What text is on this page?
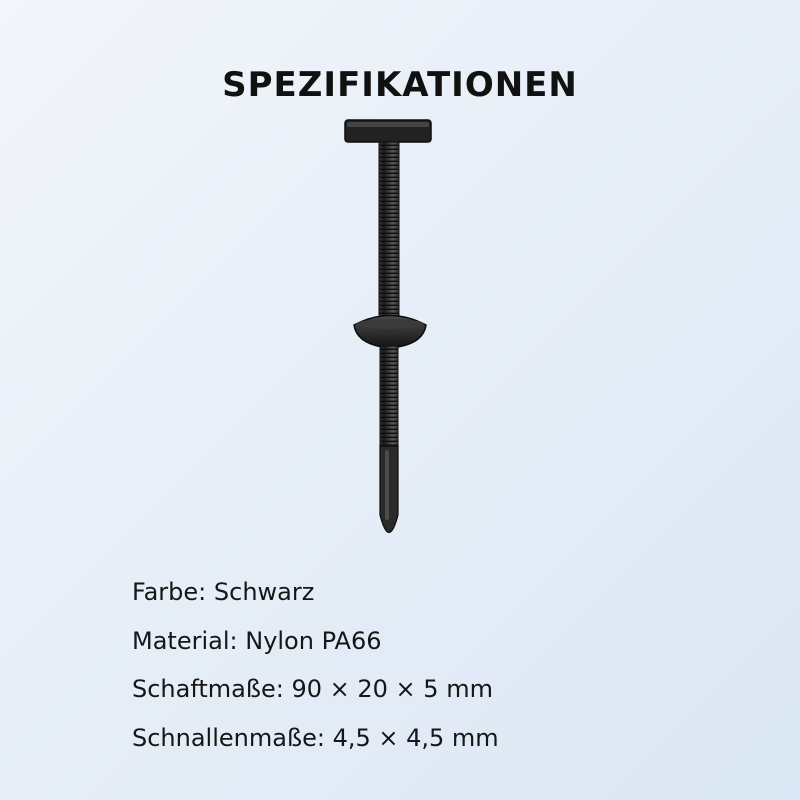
SPEZIFIKATIONEN
Farbe: Schwarz
Material: Nylon PA66
Schaftmaße: 90 × 20 × 5 mm
Schnallenmaße: 4,5 × 4,5 mm
